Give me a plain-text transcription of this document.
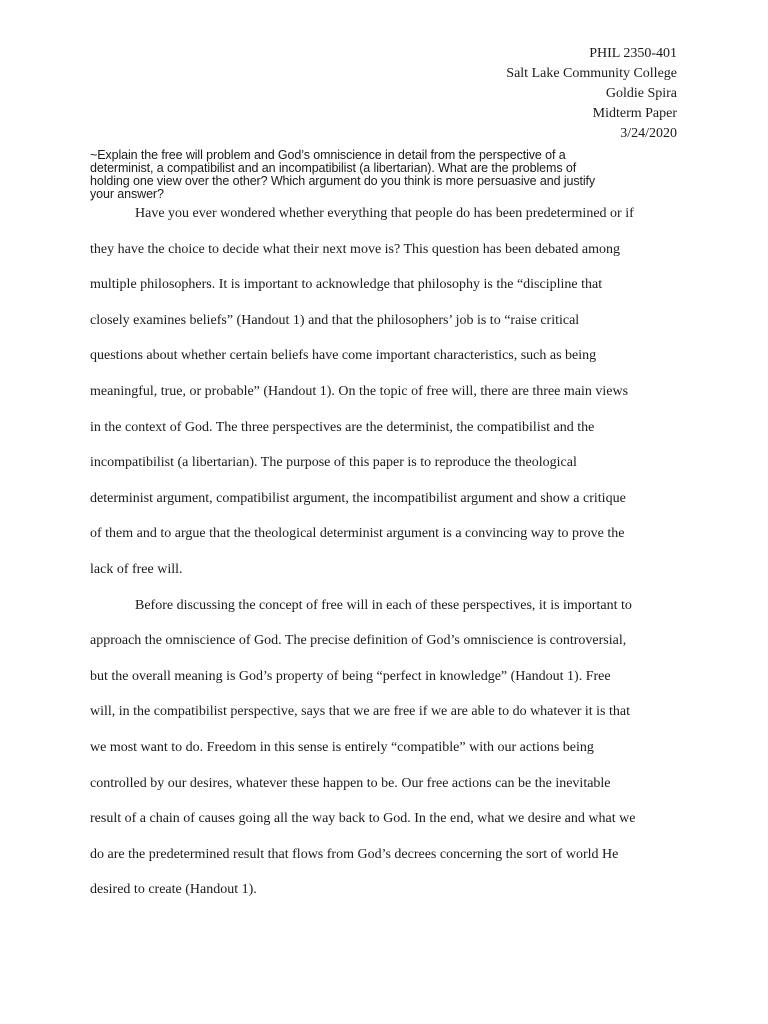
PHIL 2350-401
Salt Lake Community College
Goldie Spira
Midterm Paper
3/24/2020
~Explain the free will problem and God’s omniscience in detail from the perspective of a
determinist, a compatibilist and an incompatibilist (a libertarian). What are the problems of
holding one view over the other? Which argument do you think is more persuasive and justify
your answer?
Have you ever wondered whether everything that people do has been predetermined or if
they have the choice to decide what their next move is? This question has been debated among
multiple philosophers. It is important to acknowledge that philosophy is the “discipline that
closely examines beliefs” (Handout 1) and that the philosophers’ job is to “raise critical
questions about whether certain beliefs have come important characteristics, such as being
meaningful, true, or probable” (Handout 1). On the topic of free will, there are three main views
in the context of God. The three perspectives are the determinist, the compatibilist and the
incompatibilist (a libertarian). The purpose of this paper is to reproduce the theological
determinist argument, compatibilist argument, the incompatibilist argument and show a critique
of them and to argue that the theological determinist argument is a convincing way to prove the
lack of free will.
Before discussing the concept of free will in each of these perspectives, it is important to
approach the omniscience of God. The precise definition of God’s omniscience is controversial,
but the overall meaning is God’s property of being “perfect in knowledge” (Handout 1). Free
will, in the compatibilist perspective, says that we are free if we are able to do whatever it is that
we most want to do. Freedom in this sense is entirely “compatible” with our actions being
controlled by our desires, whatever these happen to be. Our free actions can be the inevitable
result of a chain of causes going all the way back to God. In the end, what we desire and what we
do are the predetermined result that flows from God’s decrees concerning the sort of world He
desired to create (Handout 1).
